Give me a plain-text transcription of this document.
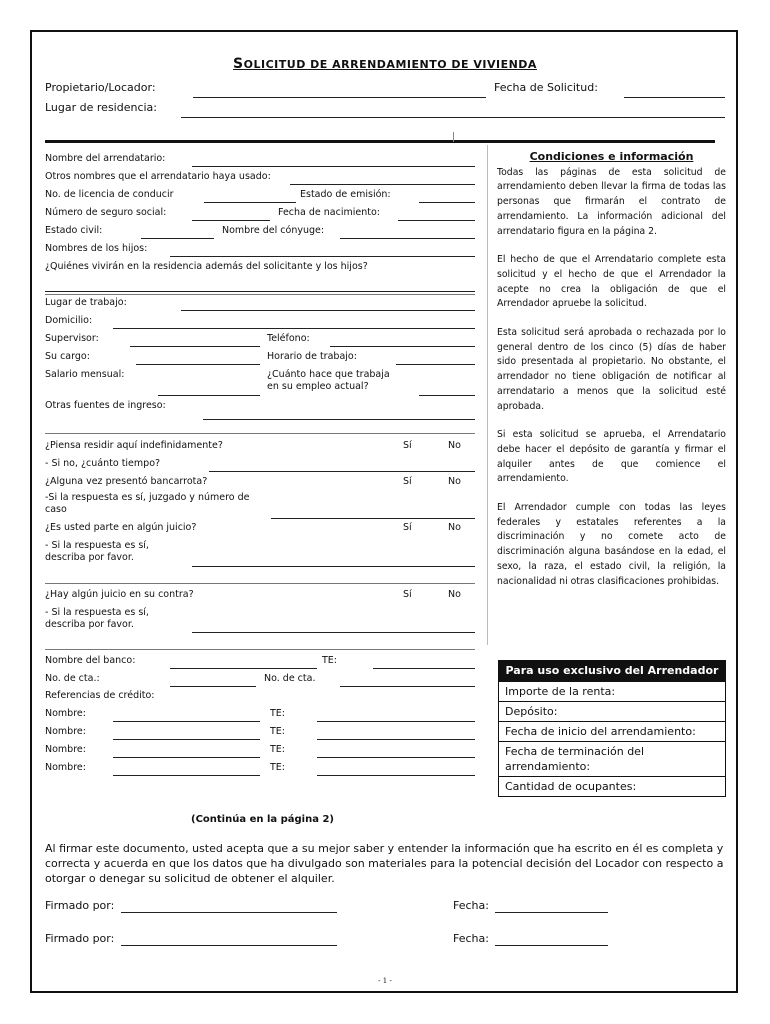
SOLICITUD DE ARRENDAMIENTO DE VIVIENDA
Propietario/Locador:	Fecha de Solicitud:
Lugar de residencia:
Nombre del arrendatario:
Otros nombres que el arrendatario haya usado:
No. de licencia de conducir	Estado de emisión:
Número de seguro social:	Fecha de nacimiento:
Estado civil:	Nombre del cónyuge:
Nombres de los hijos:
¿Quiénes vivirán en la residencia además del solicitante y los hijos?
Lugar de trabajo:
Domicilio:
Supervisor:	Teléfono:
Su cargo:	Horario de trabajo:
Salario mensual:	¿Cuánto hace que trabaja
en su empleo actual?
Otras fuentes de ingreso:
¿Piensa residir aquí indefinidamente?	Sí	No
- Si no, ¿cuánto tiempo?
¿Alguna vez presentó bancarrota?	Sí	No
-Si la respuesta es sí, juzgado y número de
caso
¿Es usted parte en algún juicio?	Sí	No
- Si la respuesta es sí,
describa por favor.
¿Hay algún juicio en su contra?	Sí	No
- Si la respuesta es sí,
describa por favor.
Nombre del banco:	TE:
No. de cta.:	No. de cta.
Referencias de crédito:
Nombre:	TE:
Nombre:	TE:
Nombre:	TE:
Nombre:	TE:
(Continúa en la página 2)

Condiciones e información

Todas las páginas de esta solicitud de arrendamiento deben llevar la firma de todas las personas que firmarán el contrato de arrendamiento. La información adicional del arrendatario figura en la página 2.

El hecho de que el Arrendatario complete esta solicitud y el hecho de que el Arrendador la acepte no crea la obligación de que el Arrendador apruebe la solicitud.

Esta solicitud será aprobada o rechazada por lo general dentro de los cinco (5) días de haber sido presentada al propietario. No obstante, el arrendador no tiene obligación de notificar al arrendatario a menos que la solicitud esté aprobada.

Si esta solicitud se aprueba, el Arrendatario debe hacer el depósito de garantía y firmar el alquiler antes de que comience el arrendamiento.

El Arrendador cumple con todas las leyes federales y estatales referentes a la discriminación y no comete acto de discriminación alguna basándose en la edad, el sexo, la raza, el estado civil, la religión, la nacionalidad ni otras clasificaciones prohibidas.

Para uso exclusivo del Arrendador
Importe de la renta:
Depósito:
Fecha de inicio del arrendamiento:
Fecha de terminación del arrendamiento:
Cantidad de ocupantes:
Al firmar este documento, usted acepta que a su mejor saber y entender la información que ha escrito en él es completa y correcta y acuerda en que los datos que ha divulgado son materiales para la potencial decisión del Locador con respecto a otorgar o denegar su solicitud de obtener el alquiler.
Firmado por:	Fecha:
Firmado por:	Fecha:
- 1 -
